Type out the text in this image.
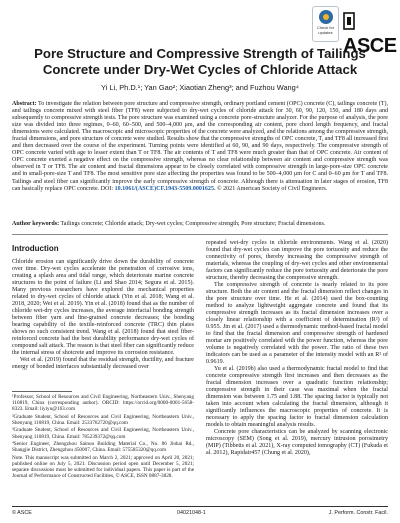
Check for
updates
ASCE
Pore Structure and Compressive Strength of Tailings Concrete under Dry-Wet Cycles of Chloride Attack
Yi Li, Ph.D.¹; Yan Gao²; Xiaotian Zheng³; and Fuzhou Wang⁴
Abstract: To investigate the relation between pore structure and compressive strength, ordinary portland cement (OPC) concrete (C), tailings concrete (T), and tailings concrete mixed with steel fiber (TF8) were subjected to dry-wet cycles of chloride attack for 30, 60, 90, 120, 150, and 180 days and subsequently to compressive strength tests. The pore structure was examined using a concrete pore-structure analyzer. For the purpose of analysis, the pore size was divided into three regimes, 0–60, 60–500, and 500–4,000 μm, and the corresponding air content, pore chord length frequency, and fractal dimensions were calculated. The macroscopic and microscopic properties of the concrete were analyzed, and the relations among the compressive strength, fractal dimensions, and pore structure of concrete were studied. Results show that the compressive strengths of OPC concrete, T, and TF8 all increased first and then decreased over the course of the experiment. Turning points were identified at 60, 90, and 90 days, respectively. The compressive strength of OPC concrete varied with age to lesser extent than T or TF8. The air contents of T and TF8 were much greater than that of OPC concrete. Air content of OPC concrete exerted a negative effect on the compressive strength, whereas no clear relationship between air content and compressive strength was observed in T or TF8. The air content and fractal dimensions appear to be closely correlated with compressive strength in large-pore-size OPC concrete and in small-pore-size T and TF8. The most sensitive pore size affecting the properties was found to be 500–4,000 μm for C and 0–60 μm for T and TF8. Tailings and steel fiber can significantly improve the early compressive strength of concrete. Although there is attenuation in later stages of erosion, TF8 can basically replace OPC concrete. DOI: 10.1061/(ASCE)CF.1943-5509.0001625. © 2021 American Society of Civil Engineers.
Author keywords: Tailings concrete; Chloride attack; Dry-wet cycles; Compressive strength; Pore structure; Fractal dimensions.
Introduction

Chloride erosion can significantly drive down the durability of concrete over time. Dry-wet cycles accelerate the penetration of corrosive ions, creating a splash area and tidal range, which deteriorate marine concrete structures to the point of failure (Li and Shao 2014; Segura et al. 2015). Many previous researchers have explored the mechanical properties related to dry-wet cycles of chloride attack (Yin et al. 2018; Wang et al. 2018, 2020; Wei et al. 2019). Yin et al. (2018) found that as the number of chloride wet-dry cycles increases, the average interfacial bonding strength between fiber yarn and fine-grained concrete decreases; the bonding bearing capability of the textile-reinforced concrete (TRC) thin plates shows no such consistent trend. Wang et al. (2018) found that steel fiber-reinforced concrete had the best durability performance dry-wet cycles of compound salt attack. The reason is that steel fiber can significantly reduce the internal stress of shotcrete and improve its corrosion resistance.

Wei et al. (2019) found that the residual strength, ductility, and fracture energy of bonded interfaces substantially decreased over

¹Professor, School of Resources and Civil Engineering, Northeastern Univ., Shenyang 110819, China (corresponding author). ORCID: https://orcid.org/0000-0001-5658-8323. Email: liyiyu@163.com

²Graduate Student, School of Resources and Civil Engineering, Northeastern Univ., Shenyang 110819, China. Email: 2533762720@qq.com

³Graduate Student, School of Resources and Civil Engineering, Northeastern Univ., Shenyang 110819, China. Email: 785239372@qq.com

⁴Senior Engineer, Zhengzhou Sainuo Building Material Co., No. 86 Jinhai Rd., Shangjie District, Zhengzhou 450007, China. Email: 575585320@qq.com

Note. This manuscript was submitted on March 2, 2021; approved on April 20, 2021; published online on July 5, 2021. Discussion period open until December 5, 2021; separate discussions must be submitted for individual papers. This paper is part of the Journal of Performance of Constructed Facilities, © ASCE, ISSN 0887-3828.

repeated wet-dry cycles in chloride environments. Wang et al. (2020) found that dry-wet cycles can improve the pore tortuosity and reduce the connectivity of pores, thereby increasing the compressive strength of materials, whereas the coupling of dry-wet cycles and other environmental factors can significantly reduce the pore tortuosity and deteriorate the pore structure, thereby decreasing the compressive strength.

The compressive strength of concrete is nearly related to its pore structure. Both the air content and the fractal dimension reflect changes in the pore structure over time. He et al. (2014) used the box-counting method to analyze lightweight aggregate concrete and found that its compressive strength increases as its fractal dimension increases over a closely linear relationship with a coefficient of determination (R²) of 0.955. Jin et al. (2017) used a thermodynamic method-based fractal model to find that the fractal dimension and compressive strength of hardened mortar are positively correlated with the power function, whereas the pore volume is negatively correlated with the power. The ratio of these two indicators can be used as a parameter of the intensity model with an R² of 0.9619.

Yu et al. (2019b) also used a thermodynamic fractal model to find that concrete compressive strength first increases and then decreases as the fractal dimension increases over a quadratic function relationship; compressive strength in their case was maximal when the fractal dimension was between 1.75 and 1.88. The spacing factor is typically not taken into account when calculating the fractal dimension, although it significantly influences the macroscopic properties of concrete. It is necessary to apply the spacing factor to fractal dimension calculation models to obtain meaningful analysis results.

Concrete pore characteristics can be analyzed by scanning electronic microscopy (SEM) (Song et al. 2019), mercury intrusion porosimetry (MIP) (Tibbetts et al. 2021), X-ray computed tomography (CT) (Fukuda et al. 2012), Rapidair457 (Chung et al. 2020),

© ASCE	04021048-1	J. Perform. Constr. Facil.
